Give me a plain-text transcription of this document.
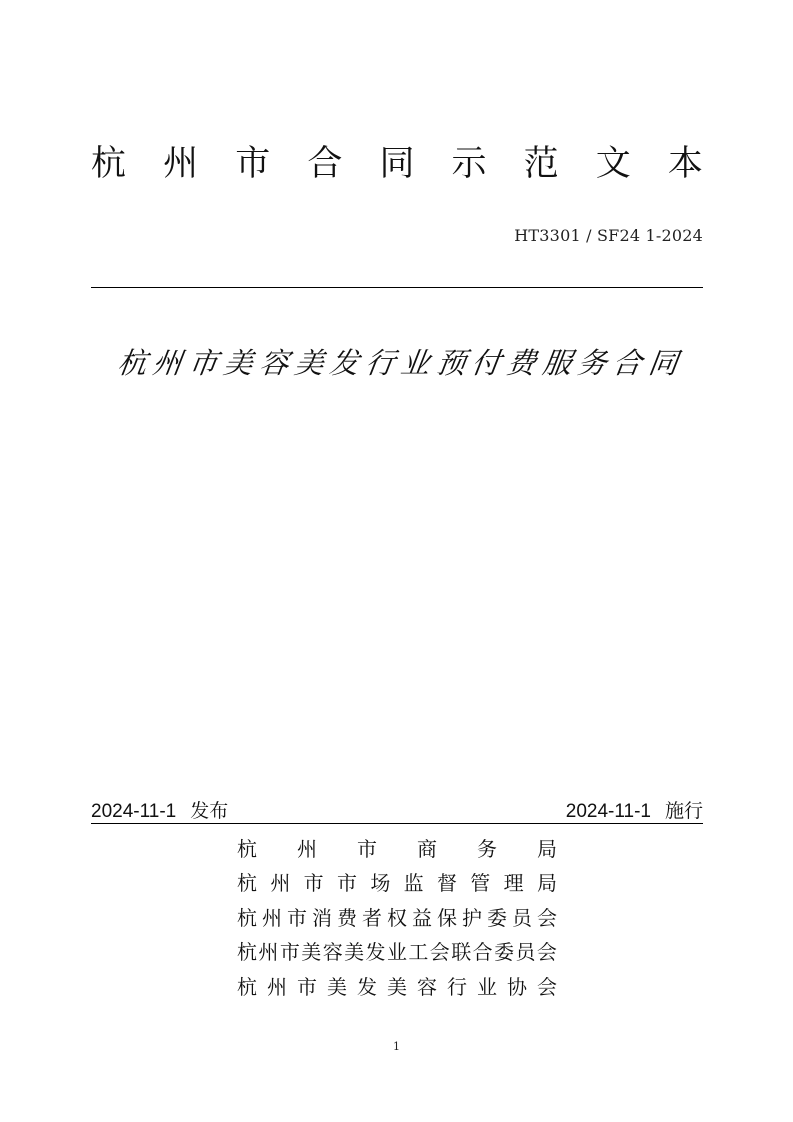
杭 州 市 合 同 示 范 文 本
HT3301 / SF24 1-2024
杭 州 市 美 容 美 发 行 业 预 付 费 服 务 合 同
2024-11-1 发布	2024-11-1 施行
杭 州 市 商 务 局
杭 州 市 市 场 监 督 管 理 局
杭 州 市 消 费 者 权 益 保 护 委 员 会
杭 州 市 美 容 美 发 业 工 会 联 合 委 员 会
杭 州 市 美 发 美 容 行 业 协 会
1
